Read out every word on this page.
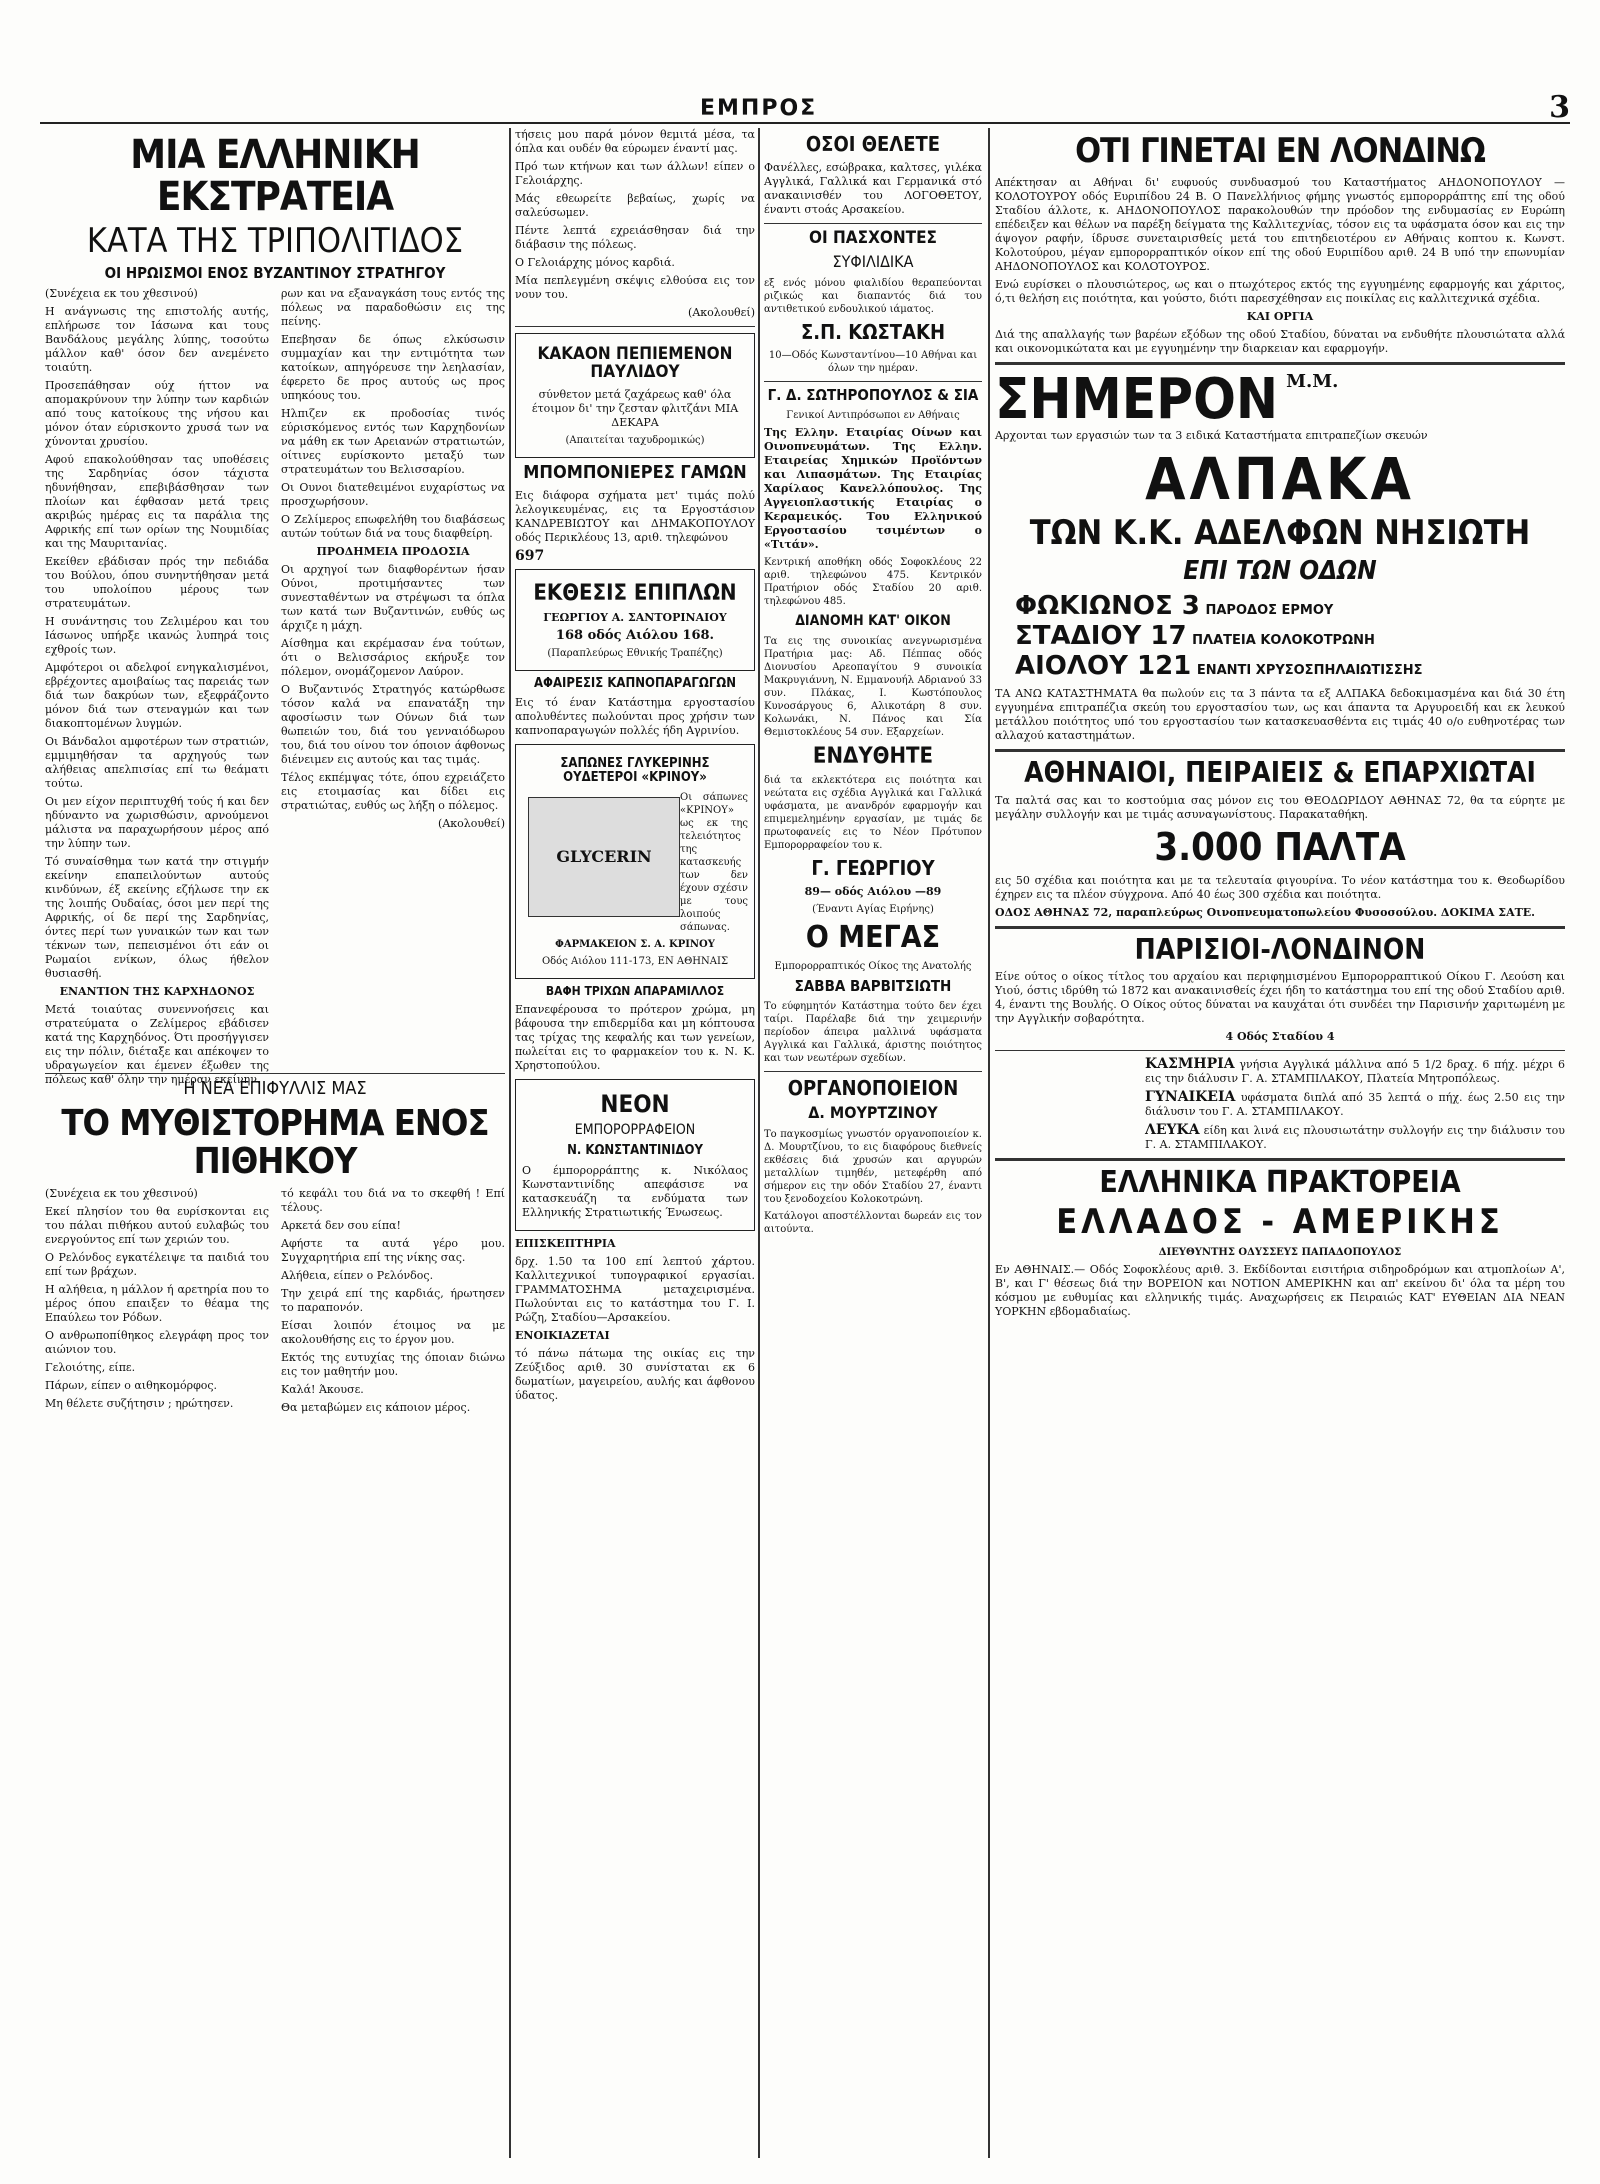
ΕΜΠΡΟΣ	3
ΜΙΑ ΕΛΛΗΝΙΚΗ ΕΚΣΤΡΑΤΕΙΑ
ΚΑΤΑ ΤΗΣ ΤΡΙΠΟΛΙΤΙΔΟΣ
ΟΙ ΗΡΩΙΣΜΟΙ ΕΝΟΣ ΒΥΖΑΝΤΙΝΟΥ ΣΤΡΑΤΗΓΟΥ

(Συνέχεια εκ του χθεσινού)

Η ανάγνωσις της επιστολής αυτής, επλήρωσε τον Ιάσωνα και τους Βανδάλους μεγάλης λύπης, τοσούτω μάλλον καθ' όσον δεν ανεμένετο τοιαύτη.

Προσεπάθησαν ούχ ήττον να απομακρύνουν την λύπην των καρδιών από τους κατοίκους της νήσου και μόνον όταν εύρισκοντο χρυσά των να χύνονται χρυσίου.

Αφού επακολούθησαν τας υποθέσεις της Σαρδηνίας όσον τάχιστα ηδυνήθησαν, επεβιβάσθησαν των πλοίων και έφθασαν μετά τρεις ακριβώς ημέρας εις τα παράλια της Αφρικής επί των ορίων της Νουμιδίας και της Μαυριτανίας.

Εκείθεν εβάδισαν πρός την πεδιάδα του Βούλου, όπου συνηντήθησαν μετά του υπολοίπου μέρους των στρατευμάτων.

Η συνάντησις του Ζελιμέρου και του Ιάσωνος υπήρξε ικανώς λυπηρά τοις εχθροίς των.

Αμφότεροι οι αδελφοί ενηγκαλισμένοι, εβρέχοντες αμοιβαίως τας παρειάς των διά των δακρύων των, εξεφράζοντο μόνον διά των στεναγμών και των διακοπτομένων λυγμών.

Οι Βάνδαλοι αμφοτέρων των στρατιών, εμμιμηθήσαν τα αρχηγούς των αλήθειας απελπισίας επί τω θεάματι τούτω.

Οι μεν είχον περιπτυχθή τούς ή και δεν ηδύναντο να χωρισθώσιν, αρνούμενοι μάλιστα να παραχωρήσουν μέρος από την λύπην των.

Τό συναίσθημα των κατά την στιγμήν εκείνην επαπειλούντων αυτούς κινδύνων, έξ εκείνης εζήλωσε την εκ της λοιπής Ουδαίας, όσοι μεν περί της Αφρικής, οί δε περί της Σαρδηνίας, όντες περί των γυναικών των και των τέκνων των, πεπεισμένοι ότι εάν οι Ρωμαίοι ενίκων, όλως ήθελον θυσιασθή.

ΕΝΑΝΤΙΟΝ ΤΗΣ ΚΑΡΧΗΔΟΝΟΣ

Μετά τοιαύτας συνεννοήσεις και στρατεύματα ο Ζελίμερος εβάδισεν κατά της Καρχηδόνος. Ότι προσήγγισεν εις την πόλιν, διέταξε και απέκοψεν το υδραγωγείον και έμενεν έξωθεν της πόλεως καθ' όλην την ημέραν εκείνην.

ρων και να εξαναγκάση τους εντός της πόλεως να παραδοθώσιν εις της πείνης.

Επεβησαν δε όπως ελκύσωσιν συμμαχίαν και την εντιμότητα των κατοίκων, απηγόρευσε την λεηλασίαν, έφερετο δε προς αυτούς ως προς υπηκόους του.

Ηλπιζεν εκ προδοσίας τινός εύρισκόμενος εντός των Καρχηδονίων να μάθη εκ των Αρειανών στρατιωτών, οίτινες ευρίσκοντο μεταξύ των στρατευμάτων του Βελισσαρίου.

Οι Ουνοι διατεθειμένοι ευχαρίστως να προσχωρήσουν.

Ο Ζελίμερος επωφελήθη του διαβάσεως αυτών τούτων διά να τους διαφθείρη.

ΠΡΟΔΗΜΕΙΑ ΠΡΟΔΟΣΙΑ

Οι αρχηγοί των διαφθορέντων ήσαν Ούνοι, προτιμήσαντες των συνεσταθέντων να στρέψωσι τα όπλα των κατά των Βυζαντινών, ευθύς ως άρχιζε η μάχη.

Αίσθημα και εκρέμασαν ένα τούτων, ότι ο Βελισσάριος εκήρυξε τον πόλεμον, ονομάζομενον Λαύρον.

Ο Βυζαντινός Στρατηγός κατώρθωσε τόσον καλά να επανατάξη την αφοσίωσιν των Ούνων διά των θωπειών του, διά του γενναιόδωρου του, διά του οίνου τον όποιον άφθονως διένειμεν εις αυτούς και τας τιμάς.

Τέλος εκπέμψας τότε, όπου εχρειάζετο εις ετοιμασίας και δίδει εις στρατιώτας, ευθύς ως λήξη ο πόλεμος.

(Ακολουθεί)

Η ΝΕΑ ΕΠΙΦΥΛΛΙΣ ΜΑΣ
ΤΟ ΜΥΘΙΣΤΟΡΗΜΑ ΕΝΟΣ ΠΙΘΗΚΟΥ

(Συνέχεια εκ του χθεσινού)

Εκεί πλησίον του θα ευρίσκονται εις του πάλαι πιθήκου αυτού ευλαβώς του ενεργούντος επί των χεριών του.

Ο Ρελόνδος εγκατέλειψε τα παιδιά του επί των βράχων.

Η αλήθεια, η μάλλον ή αρετηρία που το μέρος όπου επαιξεν το θέαμα της Επαύλεω τον Ρόδων.

Ο ανθρωποπίθηκος ελεγράφη προς τον αιώνιον του.

Γελοιότης, είπε.

Πάρων, είπεν ο αιθηκομόρφος.

Μη θέλετε συζήτησιν ; ηρώτησεν.

τό κεφάλι του διά να το σκεφθή ! Επί τέλους.

Αρκετά δεν σου είπα!

Αφήστε τα αυτά γέρο μου. Συγχαρητήρια επί της νίκης σας.

Αλήθεια, είπεν ο Ρελόνδος.

Την χειρά επί της καρδιάς, ήρωτησεν το παραπονόν.

Είσαι λοιπόν έτοιμος να με ακολουθήσης εις το έργον μου.

Εκτός της ευτυχίας της όποιαν διώνω εις τον μαθητήν μου.

Καλά! Άκουσε.

Θα μεταβώμεν εις κάποιον μέρος.

τήσεις μου παρά μόνον θεμιτά μέσα, τα όπλα και ουδέν θα εύρωμεν έναντί μας.

Πρό των κτήνων και των άλλων! είπεν ο Γελοιάρχης.

Μάς εθεωρείτε βεβαίως, χωρίς να σαλεύσωμεν.

Πέντε λεπτά εχρειάσθησαν διά την διάβασιν της πόλεως.

Ο Γελοιάρχης μόνος καρδιά.

Μία πεπλεγμένη σκέψις ελθούσα εις τον νουν του.

(Ακολουθεί)

ΚΑΚΑΟΝ ΠΕΠΙΕΜΕΝΟΝ ΠΑΥΛΙΔΟΥ

σύνθετον μετά ζαχάρεως καθ' όλα έτοιμον δι' την ζεσταν φλιτζάνι ΜΙΑ ΔΕΚΑΡΑ

(Απαιτείται ταχυδρομικώς)

ΜΠΟΜΠΟΝΙΕΡΕΣ ΓΑΜΩΝ

Εις διάφορα σχήματα μετ' τιμάς πολύ λελογικευμένας, εις τα Εργοστάσιον ΚΑΝΔΡΕΒΙΩΤΟΥ και ΔΗΜΑΚΟΠΟΥΛΟΥ οδός Περικλέους 13, αριθ. τηλεφώνου

697

ΕΚΘΕΣΙΣ ΕΠΙΠΛΩΝ

ΓΕΩΡΓΙΟΥ Α. ΣΑΝΤΟΡΙΝΑΙΟΥ

168 οδός Αιόλου 168.

(Παραπλεύρως Εθνικής Τραπέζης)

ΑΦΑΙΡΕΣΙΣ ΚΑΠΝΟΠΑΡΑΓΩΓΩΝ

Εις τό έναν Κατάστημα εργοστασίου απολυθέντες πωλούνται προς χρήσιν των καπνοπαραγωγών πολλές ήδη Αγρινίου.

ΣΑΠΩΝΕΣ ΓΛΥΚΕΡΙΝΗΣ ΟΥΔΕΤΕΡΟΙ «ΚΡΙΝΟΥ»
GLYCERIN

Οι σάπωνες «ΚΡΙΝΟΥ» ως εκ της τελειότητος της κατασκευής των δεν έχουν σχέσιν με τους λοιπούς σάπωνας.

ΦΑΡΜΑΚΕΙΟΝ Σ. Α. ΚΡΙΝΟΥ

Οδός Αιόλου 111-173, ΕΝ ΑΘΗΝΑΙΣ

ΒΑΦΗ ΤΡΙΧΩΝ ΑΠΑΡΑΜΙΛΛΟΣ

Επανεφέρουσα το πρότερον χρώμα, μη βάφουσα την επιδερμίδα και μη κόπτουσα τας τρίχας της κεφαλής και των γενείων, πωλείται εις το φαρμακείον του κ. Ν. Κ. Χρηστοπούλου.

ΝΕΟΝ
ΕΜΠΟΡΟΡΡΑΦΕΙΟΝ
Ν. ΚΩΝΣΤΑΝΤΙΝΙΔΟΥ

Ο έμπορορράπτης κ. Νικόλαος Κωνσταντινίδης απεφάσισε να κατασκευάζη τα ενδύματα των Ελληνικής Στρατιωτικής Ένωσεως.

ΕΠΙΣΚΕΠΤΗΡΙΑ

δρχ. 1.50 τα 100 επί λεπτού χάρτου. Καλλιτεχνικοί τυπογραφικοί εργασίαι. ΓΡΑΜΜΑΤΟΣΗΜΑ μεταχειρισμένα. Πωλούνται εις το κατάστημα του Γ. Ι. Ρώζη, Σταδίου—Αρσακείου.

ΕΝΟΙΚΙΑΖΕΤΑΙ

τό πάνω πάτωμα της οικίας εις την Ζεύξιδος αριθ. 30 συνίσταται εκ 6 δωματίων, μαγειρείου, αυλής και άφθονου ύδατος.

ΟΣΟΙ ΘΕΛΕΤΕ

Φανέλλες, εσώβρακα, καλτσες, γιλέκα Αγγλικά, Γαλλικά και Γερμανικά στό ανακαινισθέν του ΛΟΓΟΘΕΤΟΥ, έναντι στοάς Αρσακείου.

ΟΙ ΠΑΣΧΟΝΤΕΣ
ΣΥΦΙΛΙΔΙΚΑ

εξ ενός μόνου φιαλιδίου θεραπεύονται ριζικώς και διαπαντός διά του αντιθετικού ενδουλικού ιάματος.

Σ.Π. ΚΩΣΤΑΚΗ

10—Οδός Κωνσταντίνου—10 Αθήναι και όλων την ημέραν.

Γ. Δ. ΣΩΤΗΡΟΠΟΥΛΟΣ & ΣΙΑ

Γενικοί Αντιπρόσωποι εν Αθήναις

Της Ελλην. Εταιρίας Οίνων και Οινοπνευμάτων. Της Ελλην. Εταιρείας Χημικών Προϊόντων και Λιπασμάτων. Της Εταιρίας Χαρίλαος Κανελλόπουλος. Της Αγγειοπλαστικής Εταιρίας ο Κεραμεικός. Του Ελληνικού Εργοστασίου τσιμέντων ο «Τιτάν».

Κεντρική αποθήκη οδός Σοφοκλέους 22 αριθ. τηλεφώνου 475. Κεντρικόν Πρατήριον οδός Σταδίου 20 αριθ. τηλεφώνου 485.

ΔΙΑΝΟΜΗ ΚΑΤ' ΟΙΚΟΝ

Τα εις της συνοικίας ανεγνωρισμένα Πρατήρια μας: Αδ. Πέππας οδός Διονυσίου Αρεοπαγίτου 9 συνοικία Μακρυγιάννη, Ν. Εμμανουήλ Αδριανού 33 συν. Πλάκας, Ι. Κωστόπουλος Κυνοσάργους 6, Αλικοτάρη 8 συν. Κολωνάκι, Ν. Πάνος και Σία Θεμιστοκλέους 54 συν. Εξαρχείων.

ΕΝΔΥΘΗΤΕ

διά τα εκλεκτότερα εις ποιότητα και νεώτατα εις σχέδια Αγγλικά και Γαλλικά υφάσματα, με ανανδρόν εφαρμογήν και επιμεμελημένην εργασίαν, με τιμάς δε πρωτοφανείς εις το Νέον Πρότυπον Εμπορορραφείον του κ.

Γ. ΓΕΩΡΓΙΟΥ

89— οδός Αιόλου —89

(Έναντι Αγίας Ειρήνης)

Ο ΜΕΓΑΣ

Εμπορορραπτικός Οίκος της Ανατολής

ΣΑΒΒΑ ΒΑΡΒΙΤΣΙΩΤΗ

Το εύφημητόν Κατάστημα τούτο δεν έχει ταίρι. Παρέλαβε διά την χειμερινήν περίοδον άπειρα μαλλινά υφάσματα Αγγλικά και Γαλλικά, άριστης ποιότητος και των νεωτέρων σχεδίων.

ΟΡΓΑΝΟΠΟΙΕΙΟΝ
Δ. ΜΟΥΡΤΖΙΝΟΥ

Το παγκοσμίως γνωστόν οργανοποιείον κ. Δ. Μουρτζίνου, το εις διαφόρους διεθνείς εκθέσεις διά χρυσών και αργυρών μεταλλίων τιμηθέν, μετεφέρθη από σήμερον εις την οδόν Σταδίου 27, έναντι του ξενοδοχείου Κολοκοτρώνη.

Κατάλογοι αποστέλλονται δωρεάν εις τον αιτούντα.

ΟΤΙ ΓΙΝΕΤΑΙ ΕΝ ΛΟΝΔΙΝΩ

Απέκτησαν αι Αθήναι δι' ευφυούς συνδυασμού του Καταστήματος ΑΗΔΟΝΟΠΟΥΛΟΥ — ΚΟΛΟΤΟΥΡΟΥ οδός Ευριπίδου 24 Β. Ο Πανελλήνιος φήμης γνωστός εμπορορράπτης επί της οδού Σταδίου άλλοτε, κ. ΑΗΔΟΝΟΠΟΥΛΟΣ παρακολουθών την πρόοδον της ενδυμασίας εν Ευρώπη επέδειξεν και θέλων να παρέξη δείγματα της Καλλιτεχνίας, τόσον εις τα υφάσματα όσον και εις την άψογον ραφήν, ίδρυσε συνεταιρισθείς μετά του επιτηδειοτέρου εν Αθήναις κοπτου κ. Κωνστ. Κολοτούρου, μέγαν εμπορορραπτικόν οίκον επί της οδού Ευριπίδου αριθ. 24 Β υπό την επωνυμίαν ΑΗΔΟΝΟΠΟΥΛΟΣ και ΚΟΛΟΤΟΥΡΟΣ.

Ενώ ευρίσκει ο πλουσιώτερος, ως και ο πτωχότερος εκτός της εγγυημένης εφαρμογής και χάριτος, ό,τι θελήση εις ποιότητα, και γούστο, διότι παρεσχέθησαν εις ποικίλας εις καλλιτεχνικά σχέδια.

ΚΑΙ ΟΡΓΙΑ

Διά της απαλλαγής των βαρέων εξόδων της οδού Σταδίου, δύναται να ενδυθήτε πλουσιώτατα αλλά και οικονομικώτατα και με εγγυημένην την διαρκειαν και εφαρμογήν.

ΣΗΜΕΡΟΝ Μ.Μ.

Αρχονται των εργασιών των τα 3 ειδικά Καταστήματα επιτραπεζίων σκευών

ΑΛΠΑΚΑ
ΤΩΝ Κ.Κ. ΑΔΕΛΦΩΝ ΝΗΣΙΩΤΗ
ΕΠΙ ΤΩΝ ΟΔΩΝ
ΦΩΚΙΩΝΟΣ 3 ΠΑΡΟΔΟΣ ΕΡΜΟΥ
ΣΤΑΔΙΟΥ 17 ΠΛΑΤΕΙΑ ΚΟΛΟΚΟΤΡΩΝΗ
ΑΙΟΛΟΥ 121 ΕΝΑΝΤΙ ΧΡΥΣΟΣΠΗΛΑΙΩΤΙΣΣΗΣ

ΤΑ ΑΝΩ ΚΑΤΑΣΤΗΜΑΤΑ θα πωλούν εις τα 3 πάντα τα εξ ΑΛΠΑΚΑ δεδοκιμασμένα και διά 30 έτη εγγυημένα επιτραπέζια σκεύη του εργοστασίου των, ως και άπαντα τα Αργυροειδή και εκ λευκού μετάλλου ποιότητος υπό του εργοστασίου των κατασκευασθέντα εις τιμάς 40 ο/ο ευθηνοτέρας των αλλαχού καταστημάτων.

ΑΘΗΝΑΙΟΙ, ΠΕΙΡΑΙΕΙΣ & ΕΠΑΡΧΙΩΤΑΙ

Τα παλτά σας και το κοστούμια σας μόνον εις του ΘΕΟΔΩΡΙΔΟΥ ΑΘΗΝΑΣ 72, θα τα εύρητε με μεγάλην συλλογήν και με τιμάς ασυναγωνίστους. Παρακαταθήκη.

3.000 ΠΑΛΤΑ

εις 50 σχέδια και ποιότητα και με τα τελευταία φιγουρίνα. Το νέον κατάστημα του κ. Θεοδωρίδου έχηρεν εις τα πλέον σύγχρονα. Από 40 έως 300 σχέδια και ποιότητα.

ΟΔΟΣ ΑΘΗΝΑΣ 72, παραπλεύρως Οινοπνευματοπωλείου Φυσοσούλου. ΔΟΚΙΜΑ ΣΑΤΕ.

ΠΑΡΙΣΙΟΙ-ΛΟΝΔΙΝΟΝ

Είνε ούτος ο οίκος τίτλος του αρχαίου και περιφημισμένου Εμπορορραπτικού Οίκου Γ. Λεούση και Υιού, όστις ιδρύθη τώ 1872 και ανακαινισθείς έχει ήδη το κατάστημα του επί της οδού Σταδίου αριθ. 4, έναντι της Βουλής. Ο Οίκος ούτος δύναται να καυχάται ότι συνδέει την Παρισινήν χαριτωμένη με την Αγγλικήν σοβαρότητα.

4 Οδός Σταδίου 4

ΚΑΣΜΗΡΙΑ γνήσια Αγγλικά μάλλινα από 5 1/2 δραχ. 6 πήχ. μέχρι 6 εις την διάλυσιν Γ. Α. ΣΤΑΜΠΙΛΑΚΟΥ, Πλατεία Μητροπόλεως.

ΓΥΝΑΙΚΕΙΑ υφάσματα διπλά από 35 λεπτά ο πήχ. έως 2.50 εις την διάλυσιν του Γ. Α. ΣΤΑΜΠΙΛΑΚΟΥ.

ΛΕΥΚΑ είδη και λινά εις πλουσιωτάτην συλλογήν εις την διάλυσιν του Γ. Α. ΣΤΑΜΠΙΛΑΚΟΥ.

ΕΛΛΗΝΙΚΑ ΠΡΑΚΤΟΡΕΙΑ
ΕΛΛΑΔΟΣ - ΑΜΕΡΙΚΗΣ

ΔΙΕΥΘΥΝΤΗΣ ΟΔΥΣΣΕΥΣ ΠΑΠΑΔΟΠΟΥΛΟΣ

Εν ΑΘΗΝΑΙΣ.— Οδός Σοφοκλέους αριθ. 3. Εκδίδονται εισιτήρια σιδηροδρόμων και ατμοπλοίων Α', Β', και Γ' θέσεως διά την ΒΟΡΕΙΟΝ και ΝΟΤΙΟΝ ΑΜΕΡΙΚΗΝ και απ' εκείνου δι' όλα τα μέρη του κόσμου με ευθυμίας και ελληνικής τιμάς. Αναχωρήσεις εκ Πειραιώς ΚΑΤ' ΕΥΘΕΙΑΝ ΔΙΑ ΝΕΑΝ ΥΟΡΚΗΝ εβδομαδιαίως.
